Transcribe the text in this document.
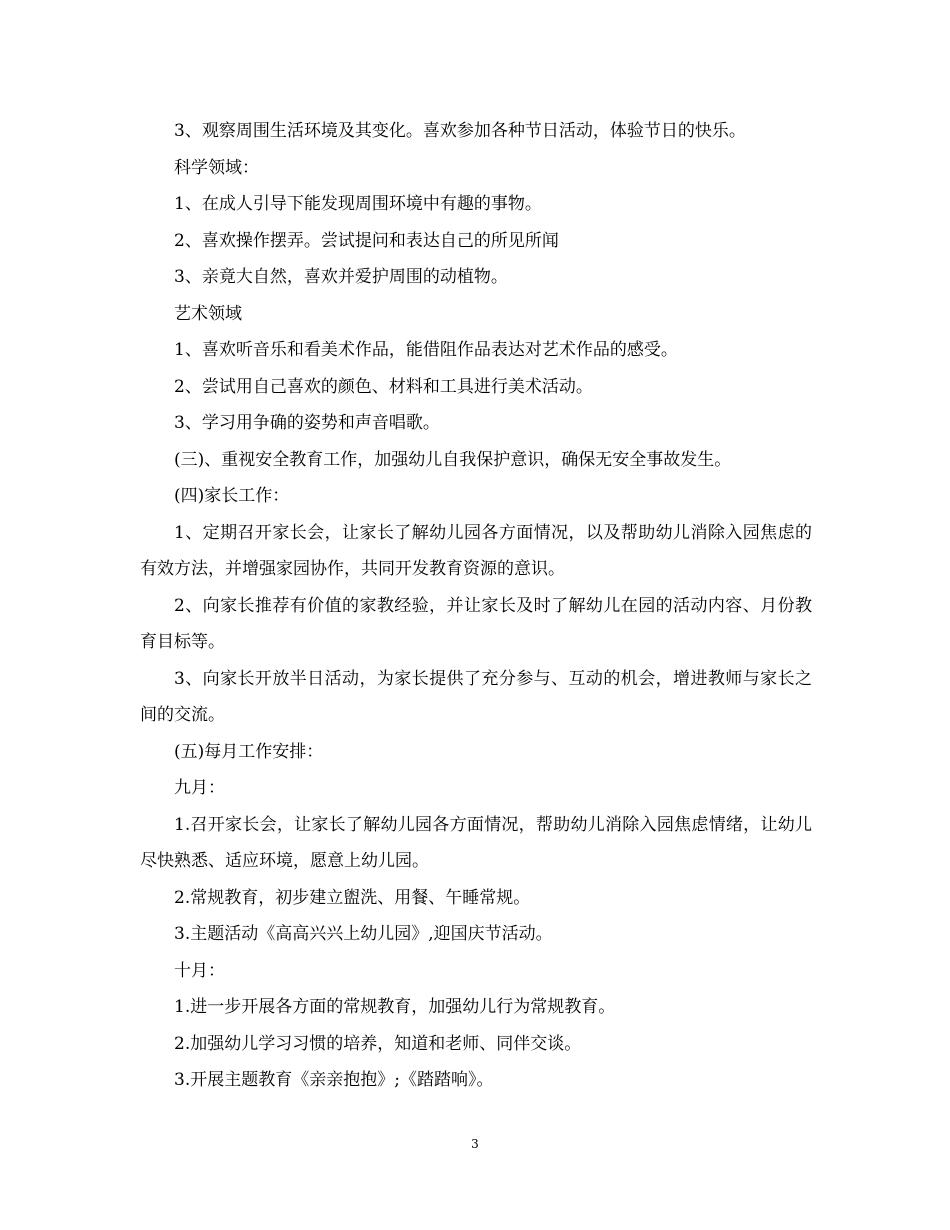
3、观察周围生活环境及其变化。喜欢参加各种节日活动，体验节日的快乐。

科学领域：

1、在成人引导下能发现周围环境中有趣的事物。

2、喜欢操作摆弄。尝试提问和表达自己的所见所闻

3、亲竟大自然，喜欢并爱护周围的动植物。

艺术领域

1、喜欢听音乐和看美术作品，能借阻作品表达对艺术作品的感受。

2、尝试用自己喜欢的颜色、材料和工具进行美术活动。

3、学习用争确的姿势和声音唱歌。

(三)、重视安全教育工作，加强幼儿自我保护意识，确保无安全事故发生。

(四)家长工作：

1、定期召开家长会，让家长了解幼儿园各方面情况，以及帮助幼儿消除入园焦虑的有效方法，并增强家园协作，共同开发教育资源的意识。

2、向家长推荐有价值的家教经验，并让家长及时了解幼儿在园的活动内容、月份教育目标等。

3、向家长开放半日活动，为家长提供了充分参与、互动的机会，增进教师与家长之间的交流。

(五)每月工作安排：

九月：

1.召开家长会，让家长了解幼儿园各方面情况，帮助幼儿消除入园焦虑情绪，让幼儿尽快熟悉、适应环境，愿意上幼儿园。

2.常规教育，初步建立盥洗、用餐、午睡常规。

3.主题活动《高高兴兴上幼儿园》,迎国庆节活动。

十月：

1.进一步开展各方面的常规教育，加强幼儿行为常规教育。

2.加强幼儿学习习惯的培养，知道和老师、同伴交谈。

3.开展主题教育《亲亲抱抱》;《踏踏响》。

3
